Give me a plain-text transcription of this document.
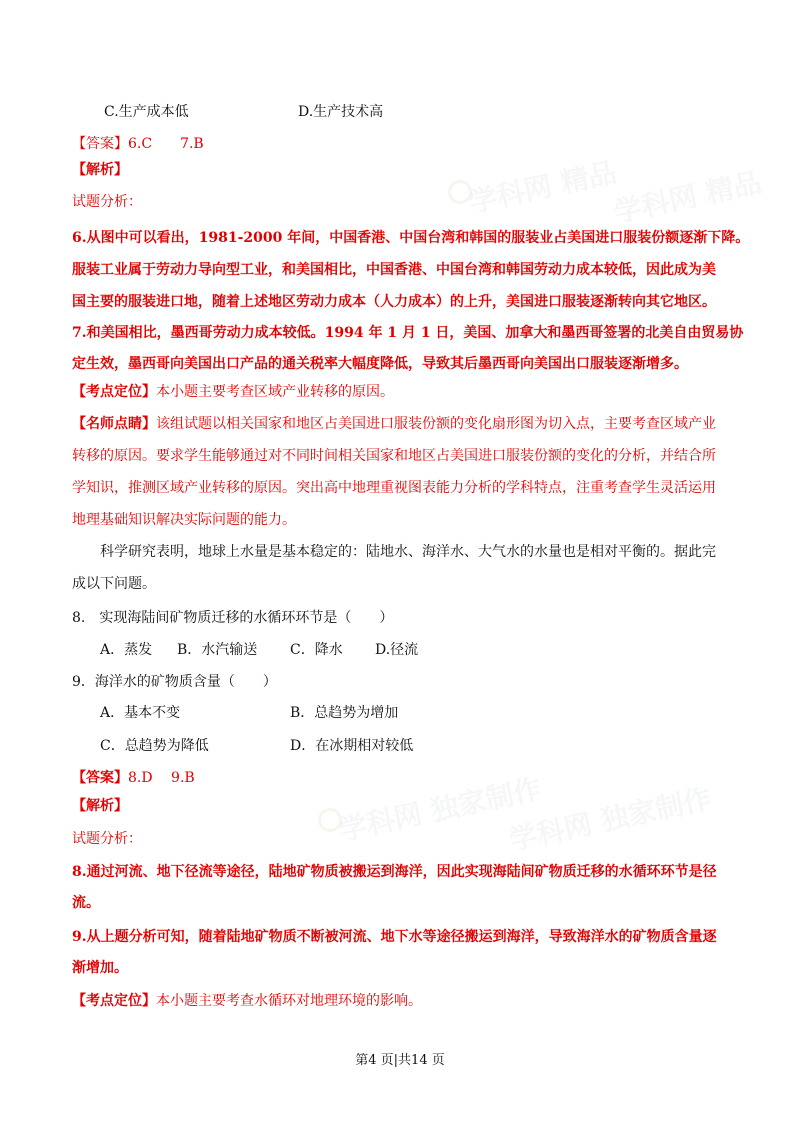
学科网 精品
学科网 精品
学科网 独家制作
学科网 独家制作
C.生产成本低	D.生产技术高
【答案】6.C　　7.B
【解析】
试题分析：
6.从图中可以看出，1981-2000 年间，中国香港、中国台湾和韩国的服装业占美国进口服装份额逐渐下降。
服装工业属于劳动力导向型工业，和美国相比，中国香港、中国台湾和韩国劳动力成本较低，因此成为美
国主要的服装进口地，随着上述地区劳动力成本（人力成本）的上升，美国进口服装逐渐转向其它地区。
7.和美国相比，墨西哥劳动力成本较低。1994 年 1 月 1 日，美国、加拿大和墨西哥签署的北美自由贸易协
定生效，墨西哥向美国出口产品的通关税率大幅度降低，导致其后墨西哥向美国出口服装逐渐增多。
【考点定位】本小题主要考查区域产业转移的原因。
【名师点睛】该组试题以相关国家和地区占美国进口服装份额的变化扇形图为切入点，主要考查区域产业
转移的原因。要求学生能够通过对不同时间相关国家和地区占美国进口服装份额的变化的分析，并结合所
学知识，推测区域产业转移的原因。突出高中地理重视图表能力分析的学科特点，注重考查学生灵活运用
地理基础知识解决实际问题的能力。
科学研究表明，地球上水量是基本稳定的：陆地水、海洋水、大气水的水量也是相对平衡的。据此完
成以下问题。
8.　实现海陆间矿物质迁移的水循环环节是（　　）
A．蒸发 B．水汽输送 C．降水 D.径流
9．海洋水的矿物质含量（　　）
A．基本不变	B．总趋势为增加
C．总趋势为降低	D．在冰期相对较低
【答案】8.D　 9.B
【解析】
试题分析：
8.通过河流、地下径流等途径，陆地矿物质被搬运到海洋，因此实现海陆间矿物质迁移的水循环环节是径
流。
9.从上题分析可知，随着陆地矿物质不断被河流、地下水等途径搬运到海洋，导致海洋水的矿物质含量逐
渐增加。
【考点定位】本小题主要考查水循环对地理环境的影响。
第4 页|共14 页
